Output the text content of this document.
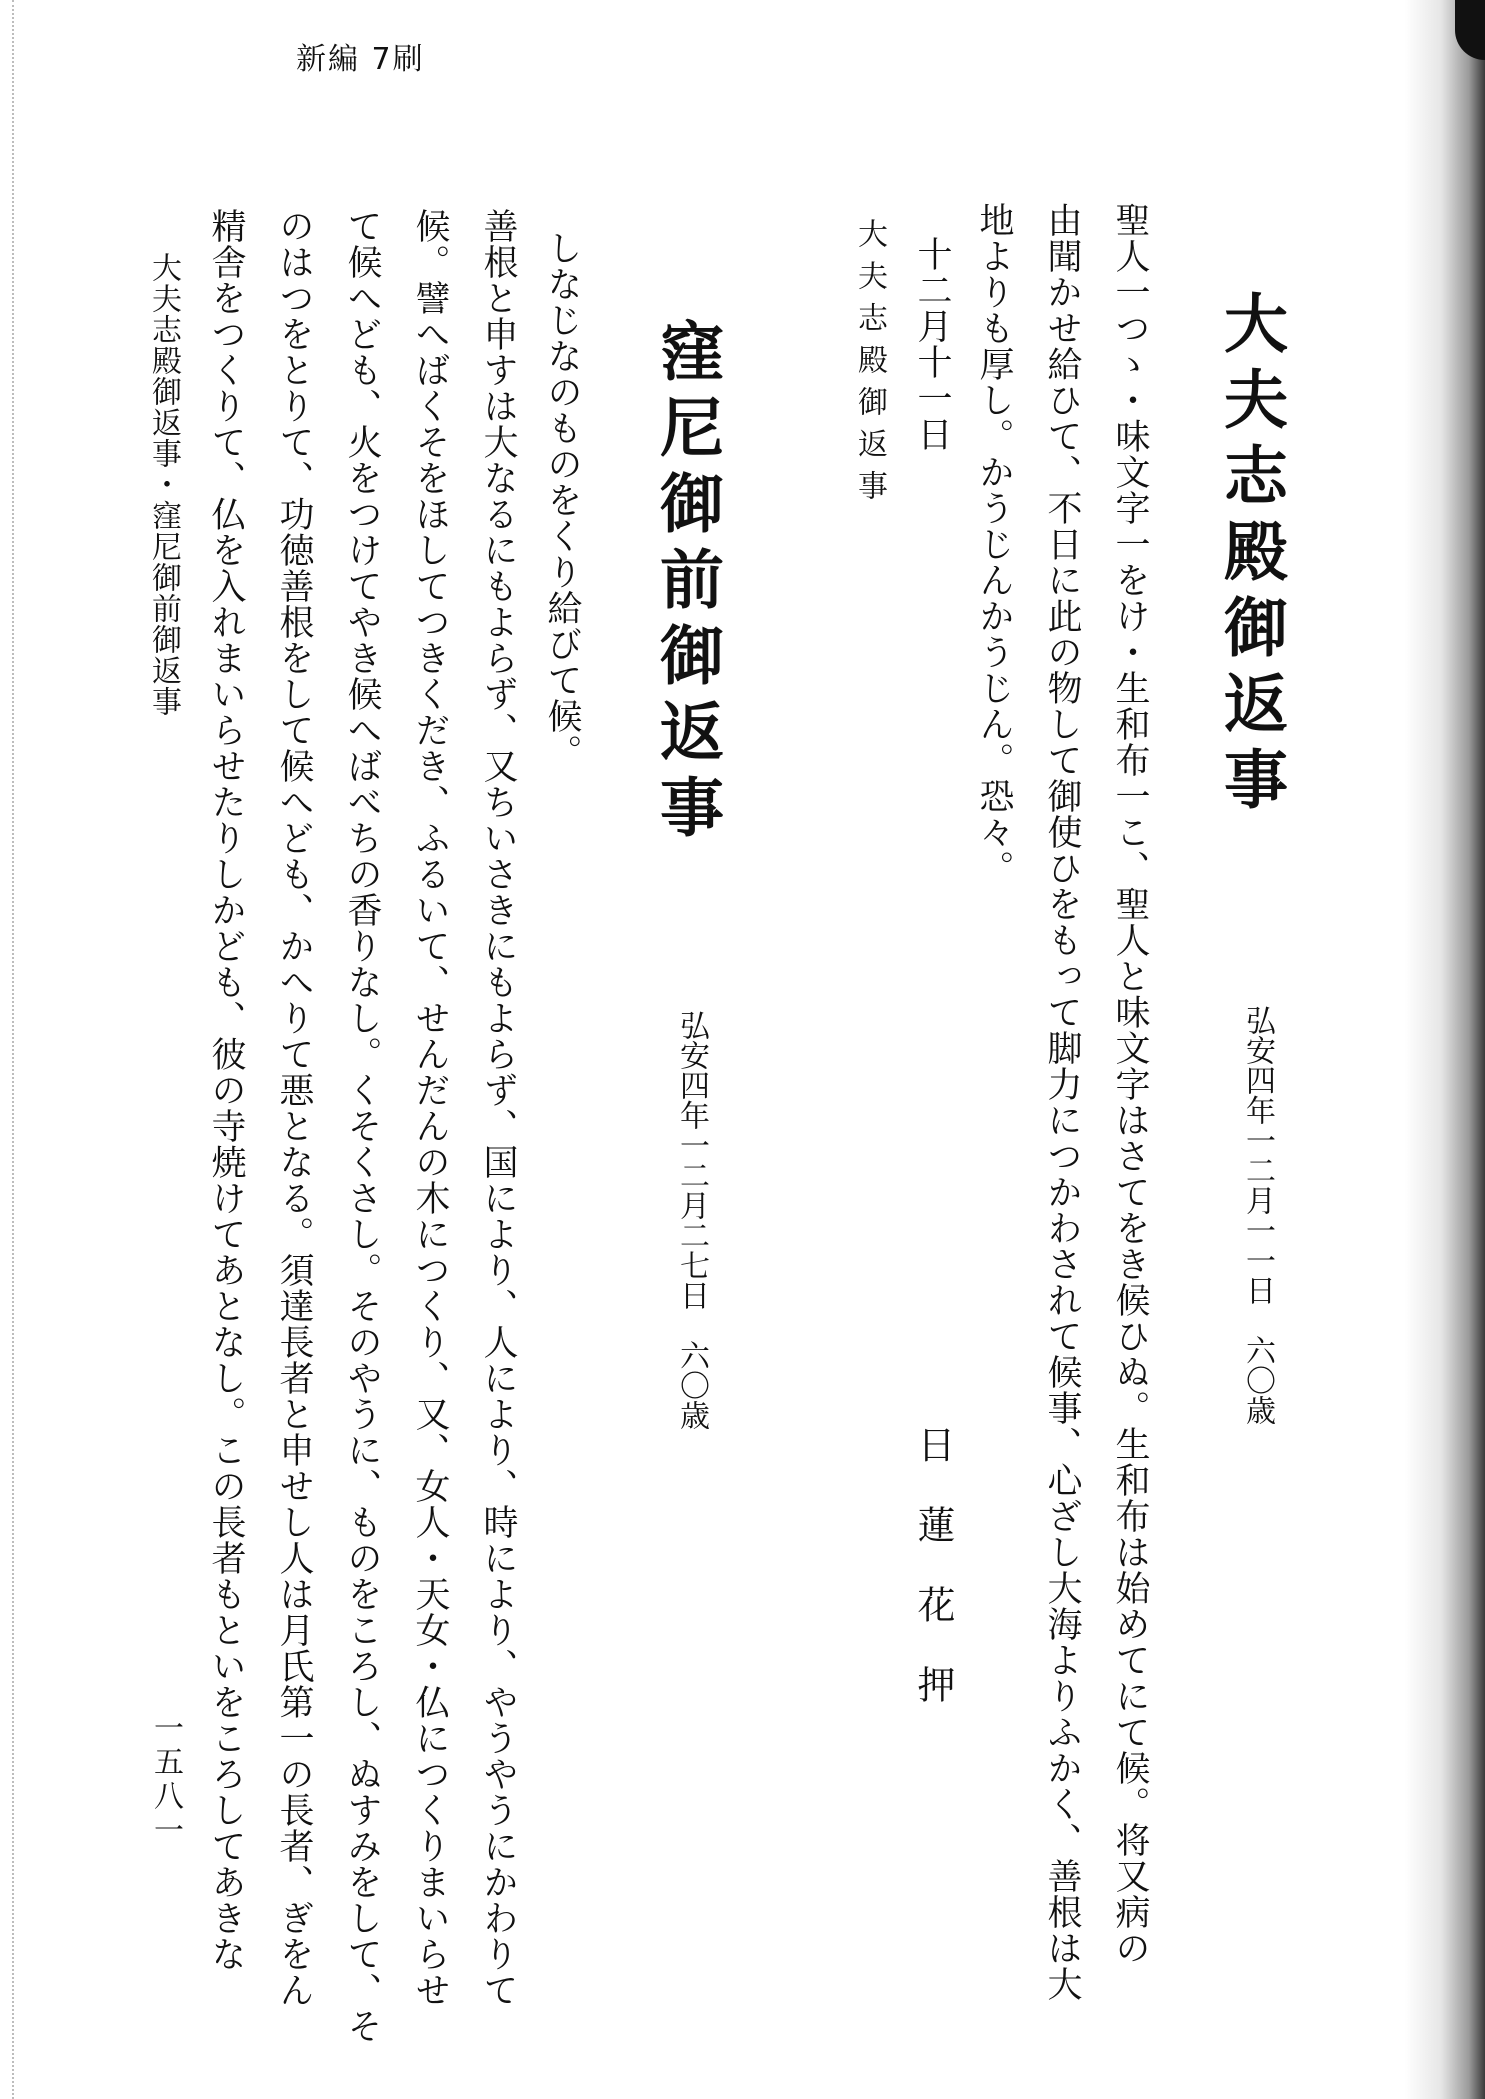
新編 7刷
大夫志殿御返事
弘安四年一二月一一日　六〇歳
聖人一つゝ・味文字一をけ・生和布一こ、聖人と味文字はさてをき候ひぬ。生和布は始めてにて候。将又病の
由聞かせ給ひて、不日に此の物して御使ひをもって脚力につかわされて候事、心ざし大海よりふかく、善根は大
地よりも厚し。かうじんかうじん。恐々。
十二月十一日
日蓮花押
大夫志殿御返事
窪尼御前御返事
弘安四年一二月二七日　六〇歳
しなじなのものをくり給びて候。
善根と申すは大なるにもよらず、又ちいさきにもよらず、国により、人により、時により、やうやうにかわりて
候。譬へばくそをほしてつきくだき、ふるいて、せんだんの木につくり、又、女人・天女・仏につくりまいらせ
て候へども、火をつけてやき候へばべちの香りなし。くそくさし。そのやうに、ものをころし、ぬすみをして、そ
のはつをとりて、功徳善根をして候へども、かへりて悪となる。須達長者と申せし人は月氏第一の長者、ぎをん
精舎をつくりて、仏を入れまいらせたりしかども、彼の寺焼けてあとなし。この長者もといをころしてあきな
大夫志殿御返事・窪尼御前御返事
一五八一
